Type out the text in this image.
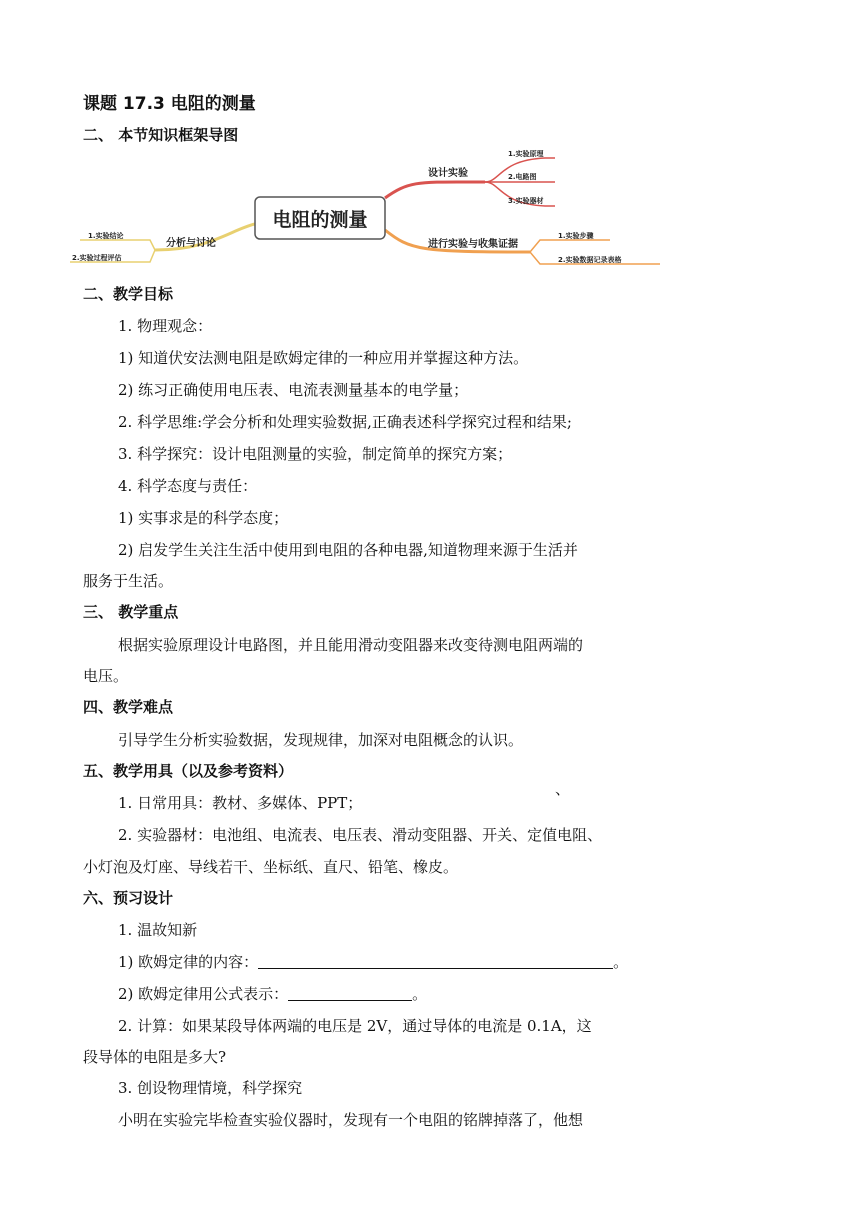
课题 17.3 电阻的测量
二、 本节知识框架导图
电阻的测量
设计实验
1.实验原理
2.电路图
3.实验器材
进行实验与收集证据
1.实验步骤
2.实验数据记录表格
分析与讨论
1.实验结论
2.实验过程评估
二、教学目标
1. 物理观念：
1) 知道伏安法测电阻是欧姆定律的一种应用并掌握这种方法。
2) 练习正确使用电压表、电流表测量基本的电学量；
2. 科学思维:学会分析和处理实验数据,正确表述科学探究过程和结果;
3. 科学探究：设计电阻测量的实验，制定简单的探究方案；
4. 科学态度与责任：
1) 实事求是的科学态度；
2) 启发学生关注生活中使用到电阻的各种电器,知道物理来源于生活并
服务于生活。
三、 教学重点
根据实验原理设计电路图，并且能用滑动变阻器来改变待测电阻两端的
电压。
四、教学难点
引导学生分析实验数据，发现规律，加深对电阻概念的认识。
五、教学用具（以及参考资料）
、
1. 日常用具：教材、多媒体、PPT；
2. 实验器材：电池组、电流表、电压表、滑动变阻器、开关、定值电阻、
小灯泡及灯座、导线若干、坐标纸、直尺、铅笔、橡皮。
六、预习设计
1. 温故知新
1) 欧姆定律的内容：	。
2) 欧姆定律用公式表示：	。
2. 计算：如果某段导体两端的电压是 2V，通过导体的电流是 0.1A，这
段导体的电阻是多大?
3. 创设物理情境，科学探究
小明在实验完毕检查实验仪器时，发现有一个电阻的铭牌掉落了，他想
